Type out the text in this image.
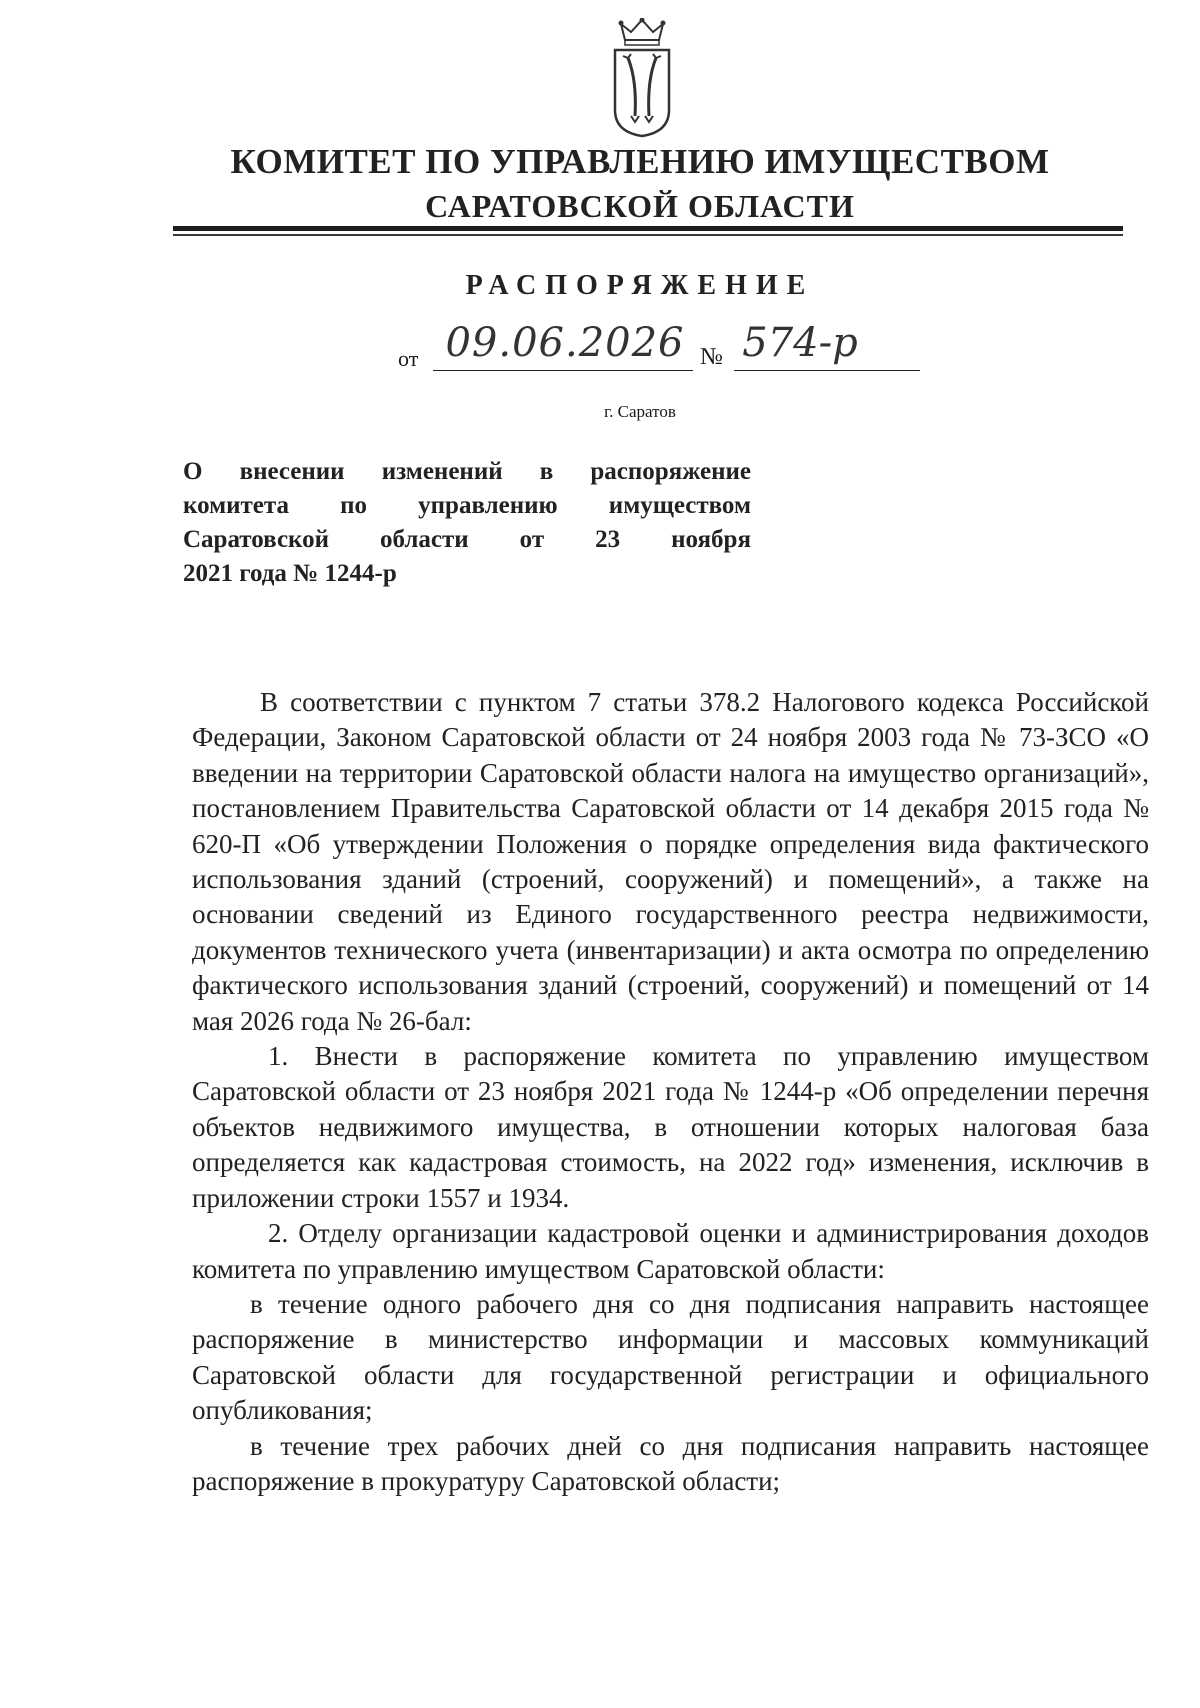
КОМИТЕТ ПО УПРАВЛЕНИЮ ИМУЩЕСТВОМ
САРАТОВСКОЙ ОБЛАСТИ
РАСПОРЯЖЕНИЕ
от 09.06.2026 № 574-р
г. Саратов
О внесении изменений в распоряжение
комитета по управлению имуществом
Саратовской области от 23 ноября
2021 года № 1244-р

В соответствии с пунктом 7 статьи 378.2 Налогового кодекса Российской Федерации, Законом Саратовской области от 24 ноября 2003 года № 73-ЗСО «О введении на территории Саратовской области налога на имущество организаций», постановлением Правительства Саратовской области от 14 декабря 2015 года № 620-П «Об утверждении Положения о порядке определения вида фактического использования зданий (строений, сооружений) и помещений», а также на основании сведений из Единого государственного реестра недвижимости, документов технического учета (инвентаризации) и акта осмотра по определению фактического использования зданий (строений, сооружений) и помещений от 14 мая 2026 года № 26-бал:

1. Внести в распоряжение комитета по управлению имуществом Саратовской области от 23 ноября 2021 года № 1244-р «Об определении перечня объектов недвижимого имущества, в отношении которых налоговая база определяется как кадастровая стоимость, на 2022 год» изменения, исключив в приложении строки 1557 и 1934.

2. Отделу организации кадастровой оценки и администрирования доходов комитета по управлению имуществом Саратовской области:

в течение одного рабочего дня со дня подписания направить настоящее распоряжение в министерство информации и массовых коммуникаций Саратовской области для государственной регистрации и официального опубликования;

в течение трех рабочих дней со дня подписания направить настоящее распоряжение в прокуратуру Саратовской области;
